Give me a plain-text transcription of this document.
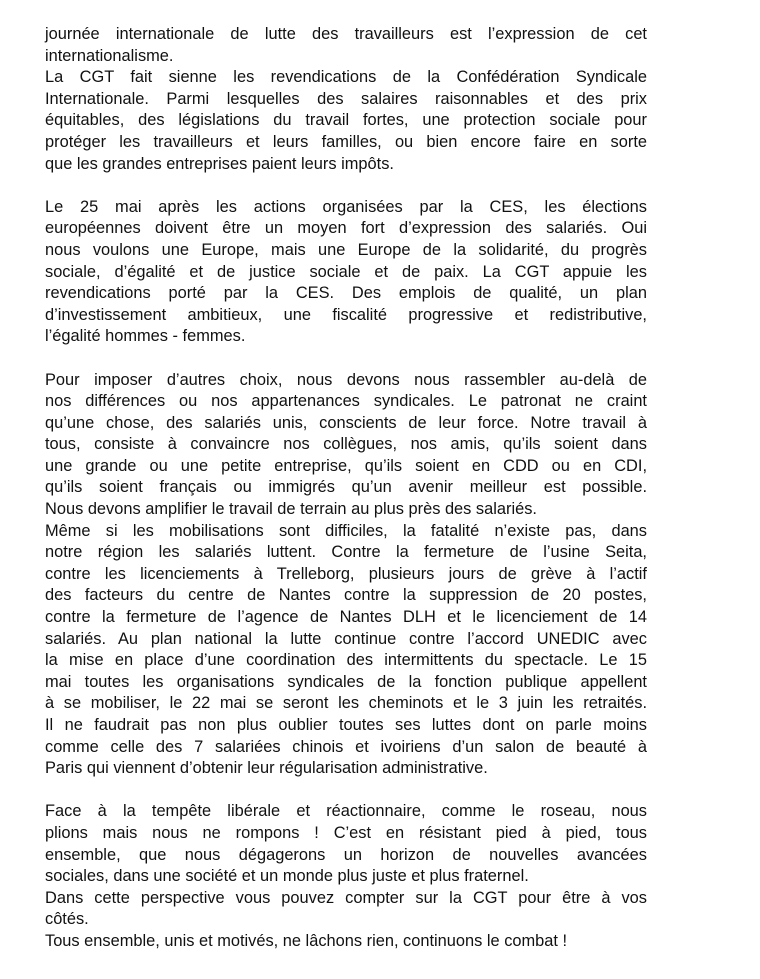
journée internationale de lutte des travailleurs est l’expression de cet
internationalisme.
La CGT fait sienne les revendications de la Confédération Syndicale
Internationale. Parmi lesquelles des salaires raisonnables et des prix
équitables, des législations du travail fortes, une protection sociale pour
protéger les travailleurs et leurs familles, ou bien encore faire en sorte
que les grandes entreprises paient leurs impôts.
Le 25 mai après les actions organisées par la CES, les élections
européennes doivent être un moyen fort d’expression des salariés. Oui
nous voulons une Europe, mais une Europe de la solidarité, du progrès
sociale, d’égalité et de justice sociale et de paix. La CGT appuie les
revendications porté par la CES. Des emplois de qualité, un plan
d’investissement ambitieux, une fiscalité progressive et redistributive,
l’égalité hommes - femmes.
Pour imposer d’autres choix, nous devons nous rassembler au-delà de
nos différences ou nos appartenances syndicales. Le patronat ne craint
qu’une chose, des salariés unis, conscients de leur force. Notre travail à
tous, consiste à convaincre nos collègues, nos amis, qu’ils soient dans
une grande ou une petite entreprise, qu’ils soient en CDD ou en CDI,
qu’ils soient français ou immigrés qu’un avenir meilleur est possible.
Nous devons amplifier le travail de terrain au plus près des salariés.
Même si les mobilisations sont difficiles, la fatalité n’existe pas, dans
notre région les salariés luttent. Contre la fermeture de l’usine Seita,
contre les licenciements à Trelleborg, plusieurs jours de grève à l’actif
des facteurs du centre de Nantes contre la suppression de 20 postes,
contre la fermeture de l’agence de Nantes DLH et le licenciement de 14
salariés. Au plan national la lutte continue contre l’accord UNEDIC avec
la mise en place d’une coordination des intermittents du spectacle. Le 15
mai toutes les organisations syndicales de la fonction publique appellent
à se mobiliser, le 22 mai se seront les cheminots et le 3 juin les retraités.
Il ne faudrait pas non plus oublier toutes ses luttes dont on parle moins
comme celle des 7 salariées chinois et ivoiriens d’un salon de beauté à
Paris qui viennent d’obtenir leur régularisation administrative.
Face à la tempête libérale et réactionnaire, comme le roseau, nous
plions mais nous ne rompons ! C’est en résistant pied à pied, tous
ensemble, que nous dégagerons un horizon de nouvelles avancées
sociales, dans une société et un monde plus juste et plus fraternel.
Dans cette perspective vous pouvez compter sur la CGT pour être à vos
côtés.
Tous ensemble, unis et motivés, ne lâchons rien, continuons le combat !
